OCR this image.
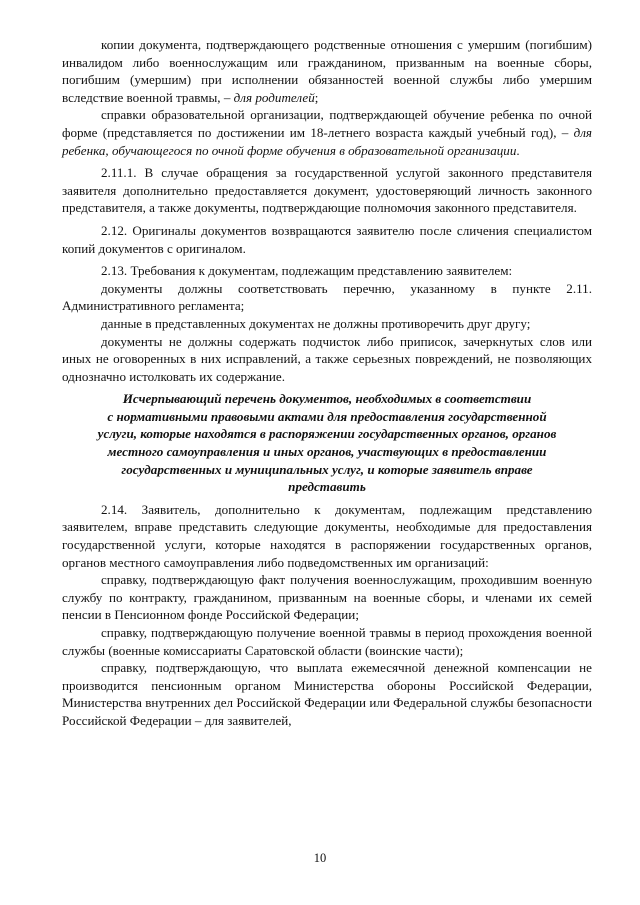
копии документа, подтверждающего родственные отношения с умершим (погибшим) инвалидом либо военнослужащим или гражданином, призванным на военные сборы, погибшим (умершим) при исполнении обязанностей военной службы либо умершим вследствие военной травмы, – для родителей;

справки образовательной организации, подтверждающей обучение ребенка по очной форме (представляется по достижении им 18-летнего возраста каждый учебный год), – для ребенка, обучающегося по очной форме обучения в образовательной организации.

2.11.1. В случае обращения за государственной услугой законного представителя заявителя дополнительно предоставляется документ, удостоверяющий личность законного представителя, а также документы, подтверждающие полномочия законного представителя.

2.12. Оригиналы документов возвращаются заявителю после сличения специалистом копий документов с оригиналом.

2.13. Требования к документам, подлежащим представлению заявителем:

документы должны соответствовать перечню, указанному в пункте 2.11. Административного регламента;

данные в представленных документах не должны противоречить друг другу;

документы не должны содержать подчисток либо приписок, зачеркнутых слов или иных не оговоренных в них исправлений, а также серьезных повреждений, не позволяющих однозначно истолковать их содержание.

Исчерпывающий перечень документов, необходимых в соответствии
с нормативными правовыми актами для предоставления государственной
услуги, которые находятся в распоряжении государственных органов, органов
местного самоуправления и иных органов, участвующих в предоставлении
государственных и муниципальных услуг, и которые заявитель вправе
представить

2.14. Заявитель, дополнительно к документам, подлежащим представлению заявителем, вправе представить следующие документы, необходимые для предоставления государственной услуги, которые находятся в распоряжении государственных органов, органов местного самоуправления либо подведомственных им организаций:

справку, подтверждающую факт получения военнослужащим, проходившим военную службу по контракту, гражданином, призванным на военные сборы, и членами их семей пенсии в Пенсионном фонде Российской Федерации;

справку, подтверждающую получение военной травмы в период прохождения военной службы (военные комиссариаты Саратовской области (воинские части);

справку, подтверждающую, что выплата ежемесячной денежной компенсации не производится пенсионным органом Министерства обороны Российской Федерации, Министерства внутренних дел Российской Федерации или Федеральной службы безопасности Российской Федерации – для заявителей,

10
